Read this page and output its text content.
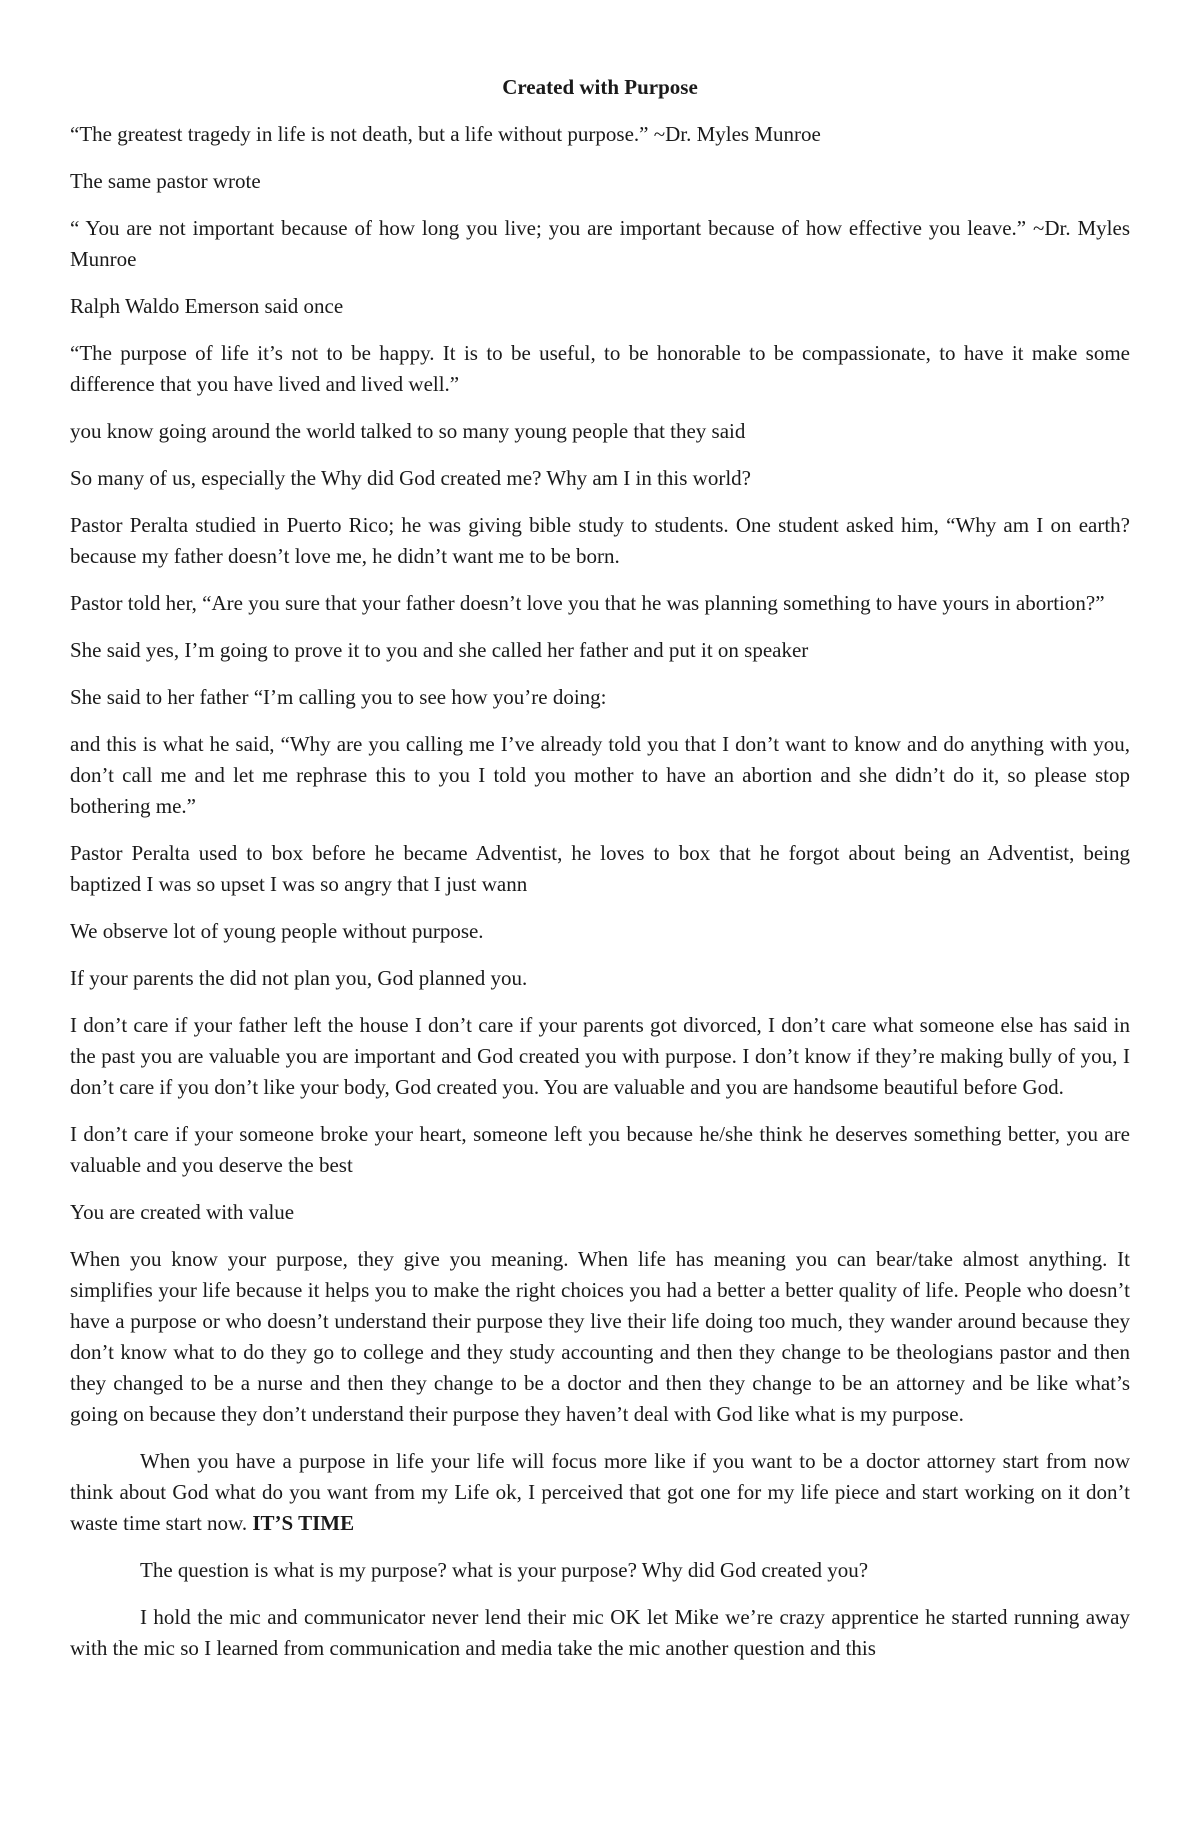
Created with Purpose

“The greatest tragedy in life is not death, but a life without purpose.” ~Dr. Myles Munroe

The same pastor wrote

“ You are not important because of how long you live; you are important because of how effective you leave.” ~Dr. Myles Munroe

Ralph Waldo Emerson said once

“The purpose of life it’s not to be happy. It is to be useful, to be honorable to be compassionate, to have it make some difference that you have lived and lived well.”

you know going around the world talked to so many young people that they said

So many of us, especially the Why did God created me? Why am I in this world?

Pastor Peralta studied in Puerto Rico; he was giving bible study to students. One student asked him, “Why am I on earth? because my father doesn’t love me, he didn’t want me to be born.

Pastor told her, “Are you sure that your father doesn’t love you that he was planning something to have yours in abortion?”

She said yes, I’m going to prove it to you and she called her father and put it on speaker

She said to her father “I’m calling you to see how you’re doing:

and this is what he said, “Why are you calling me I’ve already told you that I don’t want to know and do anything with you, don’t call me and let me rephrase this to you I told you mother to have an abortion and she didn’t do it, so please stop bothering me.”

Pastor Peralta used to box before he became Adventist, he loves to box that he forgot about being an Adventist, being baptized I was so upset I was so angry that I just wann

We observe lot of young people without purpose.

If your parents the did not plan you, God planned you.

I don’t care if your father left the house I don’t care if your parents got divorced, I don’t care what someone else has said in the past you are valuable you are important and God created you with purpose. I don’t know if they’re making bully of you, I don’t care if you don’t like your body, God created you. You are valuable and you are handsome beautiful before God.

I don’t care if your someone broke your heart, someone left you because he/she think he deserves something better, you are valuable and you deserve the best

You are created with value

When you know your purpose, they give you meaning. When life has meaning you can bear/take almost anything. It simplifies your life because it helps you to make the right choices you had a better a better quality of life. People who doesn’t have a purpose or who doesn’t understand their purpose they live their life doing too much, they wander around because they don’t know what to do they go to college and they study accounting and then they change to be theologians pastor and then they changed to be a nurse and then they change to be a doctor and then they change to be an attorney and be like what’s going on because they don’t understand their purpose they haven’t deal with God like what is my purpose.

When you have a purpose in life your life will focus more like if you want to be a doctor attorney start from now think about God what do you want from my Life ok, I perceived that got one for my life piece and start working on it don’t waste time start now. IT’S TIME

The question is what is my purpose? what is your purpose? Why did God created you?

I hold the mic and communicator never lend their mic OK let Mike we’re crazy apprentice he started running away with the mic so I learned from communication and media take the mic another question and this
